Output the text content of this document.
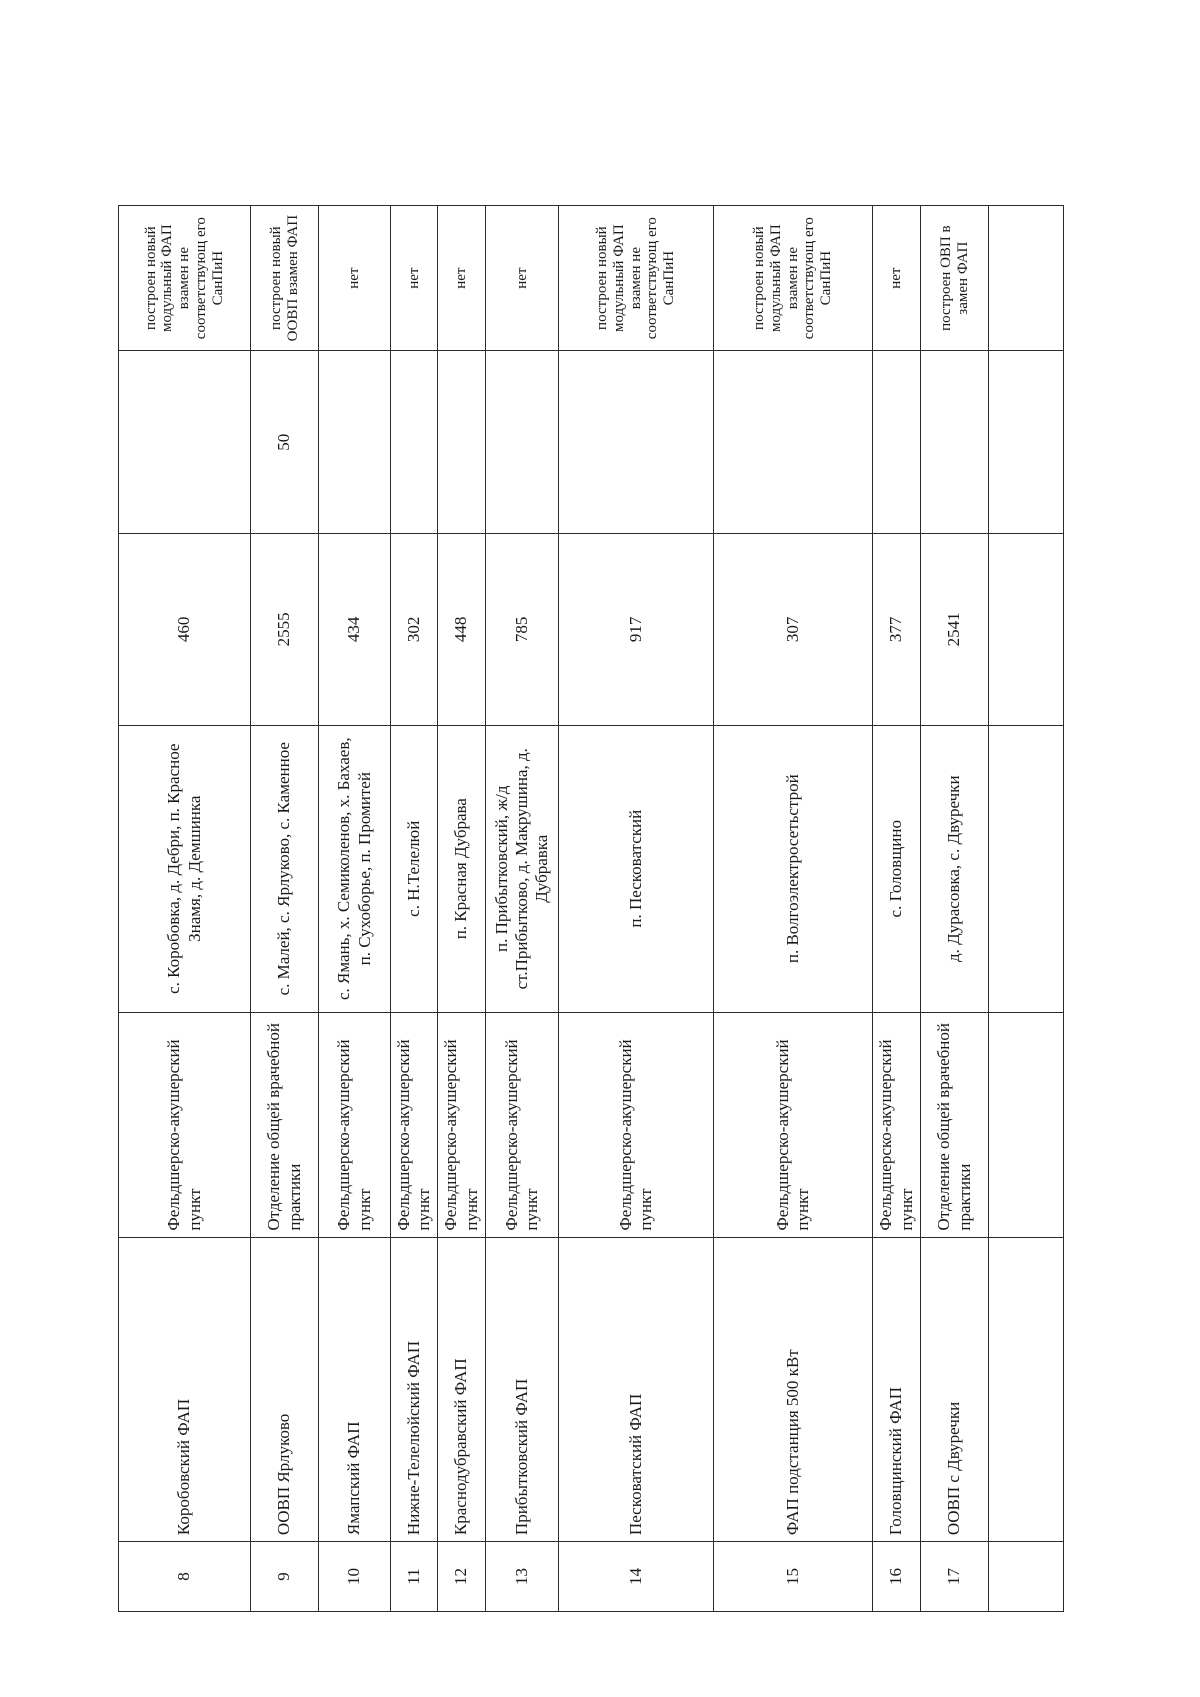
8	Коробовский ФАП	Фельдшерско-акушерский пункт	с. Коробовка, д. Дебри, п. Красное Знамя, д. Демшинка	460		построен новый модульный ФАП взамен не соответствующ его СанПиН
9	ООВП Ярлуково	Отделение общей врачебной практики	с. Малей, с. Ярлуково, с. Каменное	2555	50	построен новый ООВП взамен ФАП
10	Ямапский ФАП	Фельдшерско-акушерский пункт	с. Ямань, х. Семиколенов, х. Бахаев, п. Сухоборье, п. Промитей	434		нет
11	Нижне-Телелюйский ФАП	Фельдшерско-акушерский пункт	с. Н.Телелюй	302		нет
12	Краснодубравский ФАП	Фельдшерско-акушерский пункт	п. Красная Дубрава	448		нет
13	Прибытковский ФАП	Фельдшерско-акушерский пункт	п. Прибытковский, ж/д ст.Прибытково, д. Макрушина, д. Дубравка	785		нет
14	Песковатский ФАП	Фельдшерско-акушерский пункт	п. Песковатский	917		построен новый модульный ФАП взамен не соответствующ его СанПиН
15	ФАП подстанция 500 кВт	Фельдшерско-акушерский пункт	п. Волгоэлектросетьстрой	307		построен новый модульный ФАП взамен не соответствующ его СанПиН
16	Головщинский ФАП	Фельдшерско-акушерский пункт	с. Головщино	377		нет
17	ООВП с Двуречки	Отделение общей врачебной практики	д. Дурасовка, с. Двуречки	2541		построен ОВП в замен ФАП
